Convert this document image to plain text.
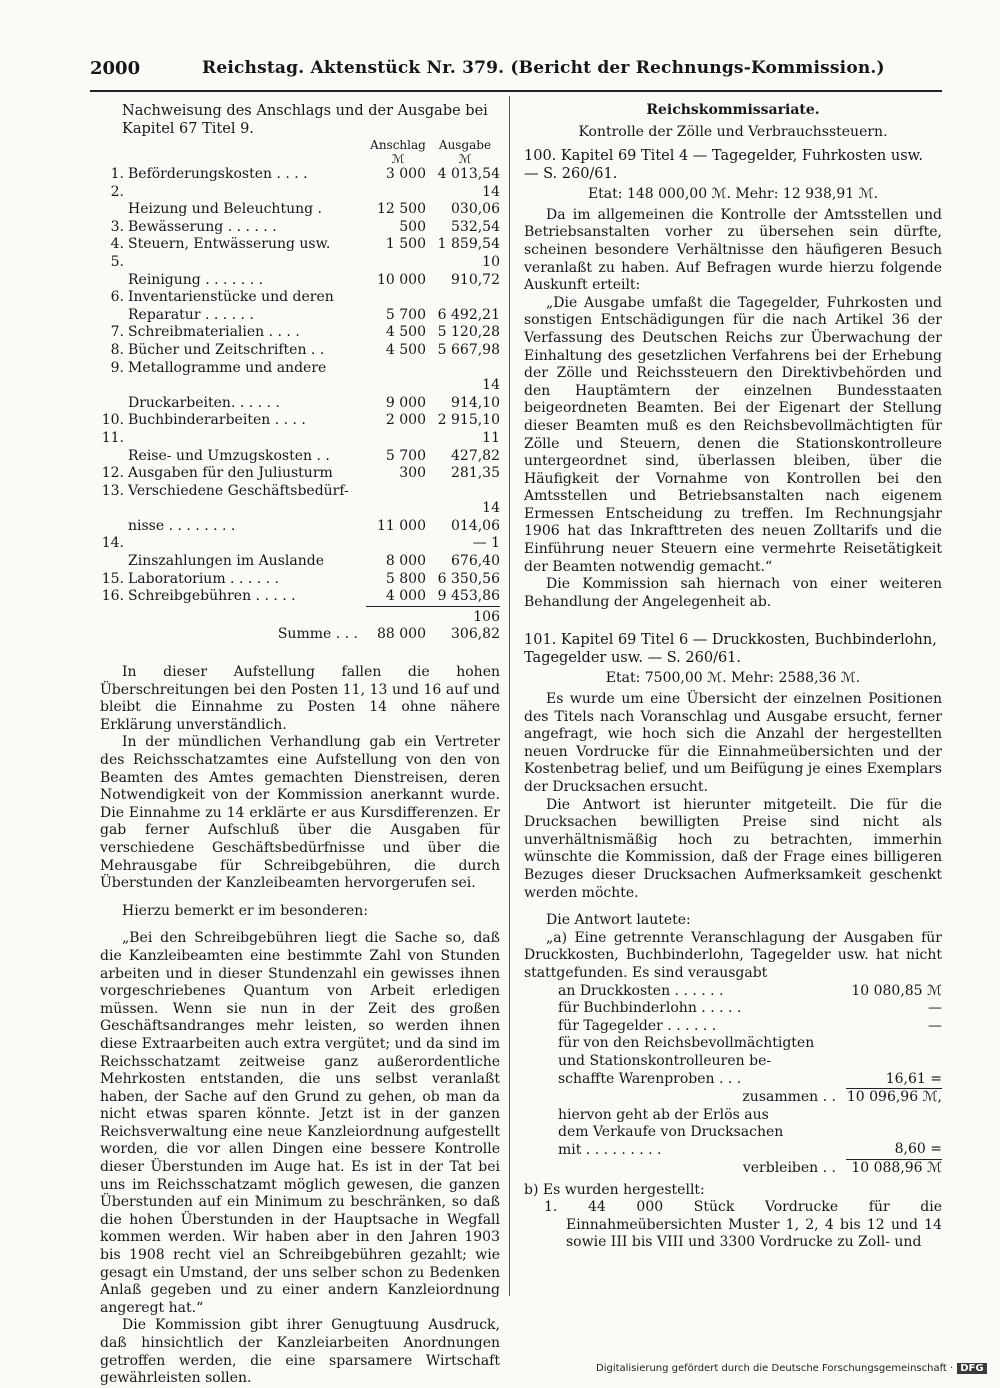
2000	Reichstag. Aktenstück Nr. 379. (Bericht der Rechnungs-Kommission.)

Nachweisung des Anschlags und der Ausgabe bei Kapitel 67 Titel 9.

Anschlag
ℳ
Ausgabe
ℳ
1.	Beförderungskosten . . . .	3 000	4 013,54
2.	Heizung und Beleuchtung .	12 500	14 030,06
3.	Bewässerung . . . . . .	500	532,54
4.	Steuern, Entwässerung usw.	1 500	1 859,54
5.	Reinigung . . . . . . .	10 000	10 910,72
6.	Inventarienstücke und deren		
	Reparatur . . . . . .	5 700	6 492,21
7.	Schreibmaterialien . . . .	4 500	5 120,28
8.	Bücher und Zeitschriften . .	4 500	5 667,98
9.	Metallogramme und andere		
	Druckarbeiten. . . . . .	9 000	14 914,10
10.	Buchbinderarbeiten . . . .	2 000	2 915,10
11.	Reise- und Umzugskosten . .	5 700	11 427,82
12.	Ausgaben für den Juliusturm	300	281,35
13.	Verschiedene Geschäftsbedürf-		
	nisse . . . . . . . .	11 000	14 014,06
14.	Zinszahlungen im Auslande	8 000	— 1 676,40
15.	Laboratorium . . . . . .	5 800	6 350,56
16.	Schreibgebühren . . . . .	4 000	9 453,86
	Summe . . .	88 000	106 306,82

In dieser Aufstellung fallen die hohen Überschreitungen bei den Posten 11, 13 und 16 auf und bleibt die Einnahme zu Posten 14 ohne nähere Erklärung unverständlich.

In der mündlichen Verhandlung gab ein Vertreter des Reichsschatzamtes eine Aufstellung von den von Beamten des Amtes gemachten Dienstreisen, deren Notwendigkeit von der Kommission anerkannt wurde. Die Einnahme zu 14 erklärte er aus Kursdifferenzen. Er gab ferner Aufschluß über die Ausgaben für verschiedene Geschäftsbedürfnisse und über die Mehrausgabe für Schreibgebühren, die durch Überstunden der Kanzleibeamten hervorgerufen sei.

Hierzu bemerkt er im besonderen:

„Bei den Schreibgebühren liegt die Sache so, daß die Kanzleibeamten eine bestimmte Zahl von Stunden arbeiten und in dieser Stundenzahl ein gewisses ihnen vorgeschriebenes Quantum von Arbeit erledigen müssen. Wenn sie nun in der Zeit des großen Geschäftsandranges mehr leisten, so werden ihnen diese Extraarbeiten auch extra vergütet; und da sind im Reichsschatzamt zeitweise ganz außerordentliche Mehrkosten entstanden, die uns selbst veranlaßt haben, der Sache auf den Grund zu gehen, ob man da nicht etwas sparen könnte. Jetzt ist in der ganzen Reichsverwaltung eine neue Kanzleiordnung aufgestellt worden, die vor allen Dingen eine bessere Kontrolle dieser Überstunden im Auge hat. Es ist in der Tat bei uns im Reichsschatzamt möglich gewesen, die ganzen Überstunden auf ein Minimum zu beschränken, so daß die hohen Überstunden in der Hauptsache in Wegfall kommen werden. Wir haben aber in den Jahren 1903 bis 1908 recht viel an Schreibgebühren gezahlt; wie gesagt ein Umstand, der uns selber schon zu Bedenken Anlaß gegeben und zu einer andern Kanzleiordnung angeregt hat.“

Die Kommission gibt ihrer Genugtuung Ausdruck, daß hinsichtlich der Kanzleiarbeiten Anordnungen getroffen werden, die eine sparsamere Wirtschaft gewährleisten sollen.

Reichskommissariate.

Kontrolle der Zölle und Verbrauchssteuern.

100. Kapitel 69 Titel 4 — Tagegelder, Fuhrkosten usw. — S. 260/61.

Etat: 148 000,00 ℳ. Mehr: 12 938,91 ℳ.

Da im allgemeinen die Kontrolle der Amtsstellen und Betriebsanstalten vorher zu übersehen sein dürfte, scheinen besondere Verhältnisse den häufigeren Besuch veranlaßt zu haben. Auf Befragen wurde hierzu folgende Auskunft erteilt:

„Die Ausgabe umfaßt die Tagegelder, Fuhrkosten und sonstigen Entschädigungen für die nach Artikel 36 der Verfassung des Deutschen Reichs zur Überwachung der Einhaltung des gesetzlichen Verfahrens bei der Erhebung der Zölle und Reichssteuern den Direktivbehörden und den Hauptämtern der einzelnen Bundesstaaten beigeordneten Beamten. Bei der Eigenart der Stellung dieser Beamten muß es den Reichsbevollmächtigten für Zölle und Steuern, denen die Stationskontrolleure untergeordnet sind, überlassen bleiben, über die Häufigkeit der Vornahme von Kontrollen bei den Amtsstellen und Betriebsanstalten nach eigenem Ermessen Entscheidung zu treffen. Im Rechnungsjahr 1906 hat das Inkrafttreten des neuen Zolltarifs und die Einführung neuer Steuern eine vermehrte Reisetätigkeit der Beamten notwendig gemacht.“

Die Kommission sah hiernach von einer weiteren Behandlung der Angelegenheit ab.

101. Kapitel 69 Titel 6 — Druckkosten, Buchbinderlohn, Tagegelder usw. — S. 260/61.

Etat: 7500,00 ℳ. Mehr: 2588,36 ℳ.

Es wurde um eine Übersicht der einzelnen Positionen des Titels nach Voranschlag und Ausgabe ersucht, ferner angefragt, wie hoch sich die Anzahl der hergestellten neuen Vordrucke für die Einnahmeübersichten und der Kostenbetrag belief, und um Beifügung je eines Exemplars der Drucksachen ersucht.

Die Antwort ist hierunter mitgeteilt. Die für die Drucksachen bewilligten Preise sind nicht als unverhältnismäßig hoch zu betrachten, immerhin wünschte die Kommission, daß der Frage eines billigeren Bezuges dieser Drucksachen Aufmerksamkeit geschenkt werden möchte.

Die Antwort lautete:

„a) Eine getrennte Veranschlagung der Ausgaben für Druckkosten, Buchbinderlohn, Tagegelder usw. hat nicht stattgefunden. Es sind verausgabt

an Druckkosten . . . . . .	10 080,85 ℳ
für Buchbinderlohn . . . . .	—
für Tagegelder . . . . . .	—
für von den Reichsbevollmächtigten	
und Stationskontrolleuren be-	
schaffte Warenproben . . .	16,61 =
zusammen . .	10 096,96 ℳ,
hiervon geht ab der Erlös aus
dem Verkaufe von Drucksachen
mit . . . . . . . . .	8,60 =
verbleiben . .	10 088,96 ℳ

b) Es wurden hergestellt:

1. 44 000 Stück Vordrucke für die Einnahmeübersichten Muster 1, 2, 4 bis 12 und 14 sowie III bis VIII und 3300 Vordrucke zu Zoll- und

Digitalisierung gefördert durch die Deutsche Forschungsgemeinschaft · DFG
